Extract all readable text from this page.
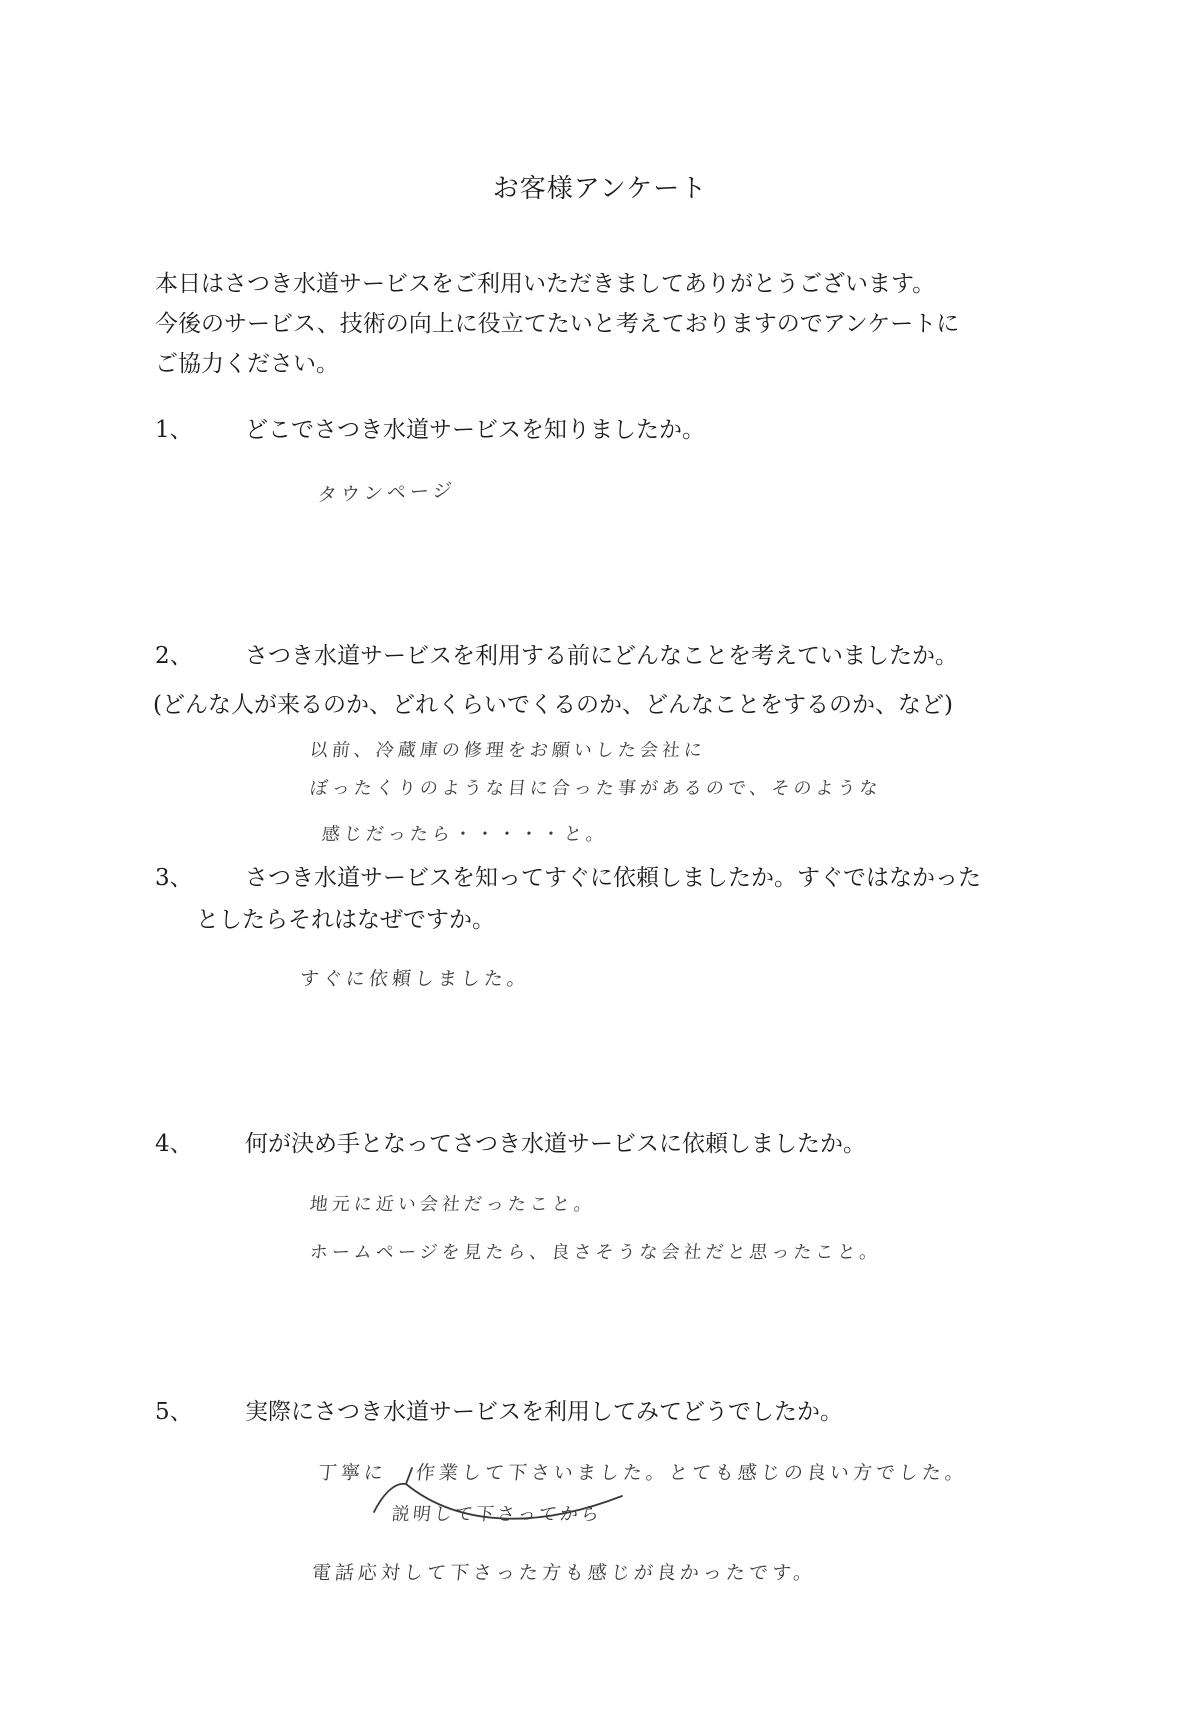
お客様アンケート
本日はさつき水道サービスをご利用いただきましてありがとうございます。
今後のサービス、技術の向上に役立てたいと考えておりますのでアンケートに
ご協力ください。
1、 どこでさつき水道サービスを知りましたか。
タウンページ
2、 さつき水道サービスを利用する前にどんなことを考えていましたか。
(どんな人が来るのか、どれくらいでくるのか、どんなことをするのか、など)
以前、冷蔵庫の修理をお願いした会社に
ぼったくりのような目に合った事があるので、そのような
感じだったら・・・・・と。
3、 さつき水道サービスを知ってすぐに依頼しましたか。すぐではなかった
としたらそれはなぜですか。
すぐに依頼しました。
4、 何が決め手となってさつき水道サービスに依頼しましたか。
地元に近い会社だったこと。
ホームページを見たら、良さそうな会社だと思ったこと。
5、 実際にさつき水道サービスを利用してみてどうでしたか。
丁寧に 作業して下さいました。とても感じの良い方でした。
説明して下さってから
電話応対して下さった方も感じが良かったです。
